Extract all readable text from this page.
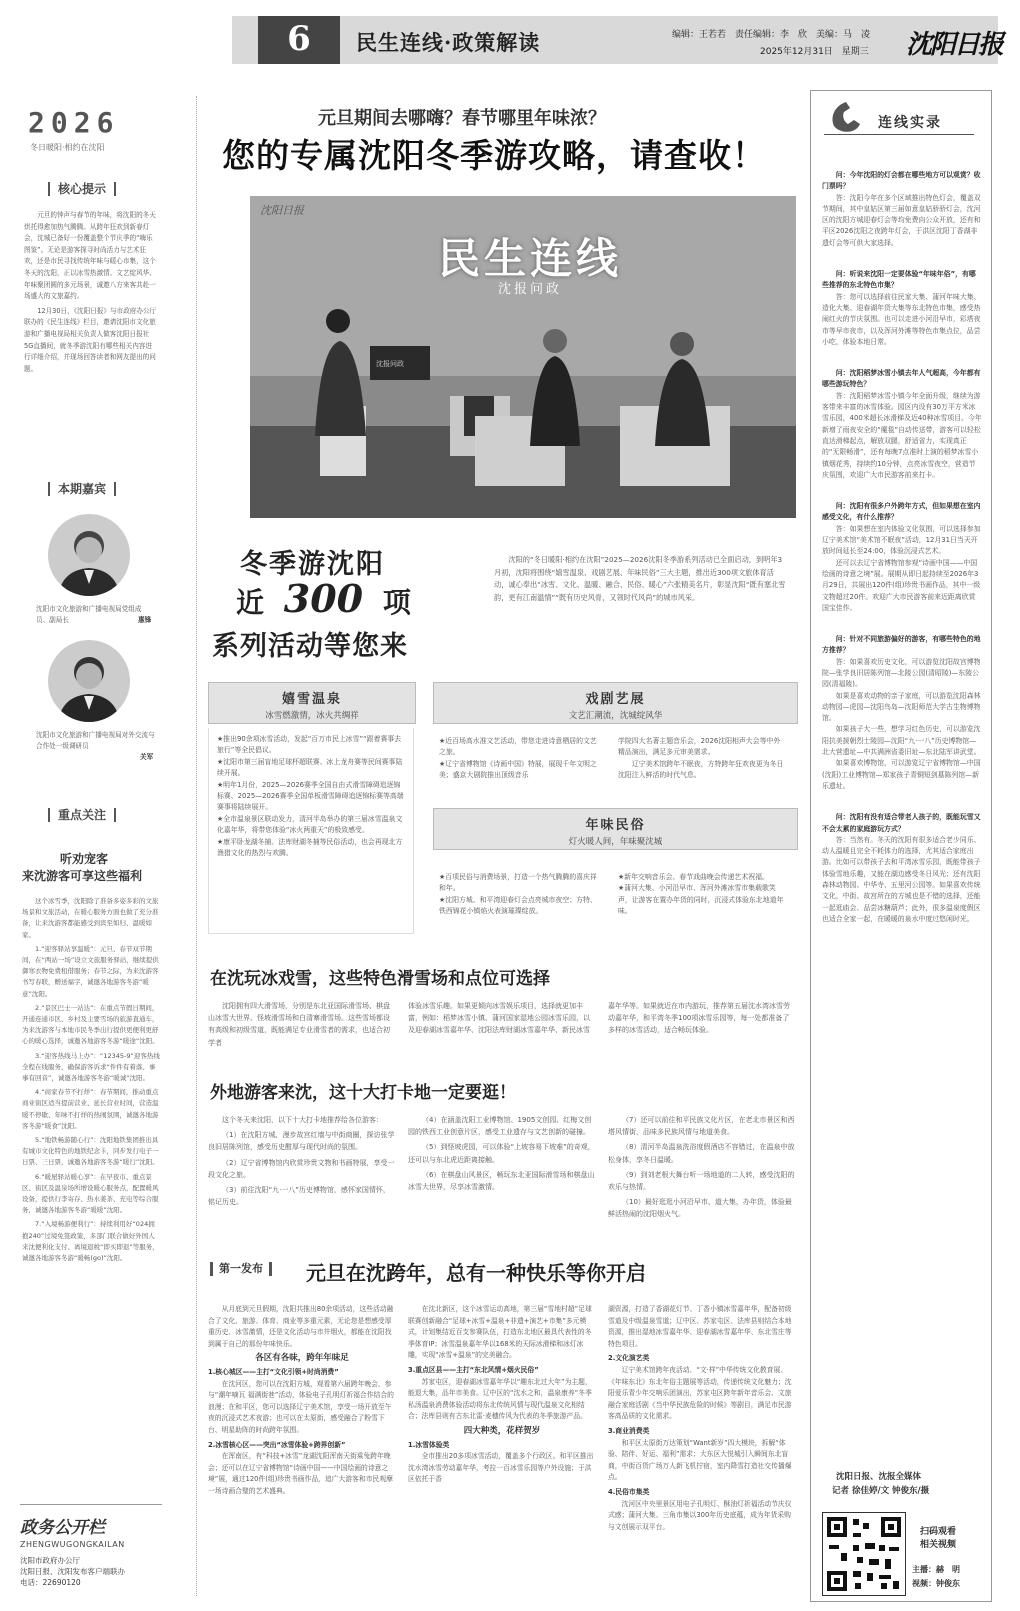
6	民生连线·政策解读	编辑：王若若　责任编辑：李　欣　美编：马　凌
2025年12月31日　星期三 沈阳日报
2026
冬日暖阳·相约在沈阳
核心提示

元旦的钟声与春节的年味，将沈阳的冬天烘托得愈加热气腾腾。从跨年狂欢到新春灯会，沈城已备好一份覆盖整个节庆季的“嗨乐图鉴”。无论是游客探寻时尚活力与艺术狂欢，还是市民寻找传统年味与暖心市集，这个冬天的沈阳，正以冰雪热激情、文艺绽风华、年味聚团圆的多元场景，诚邀八方来客共赴一场盛大的文旅嘉约。

12月30日，《沈阳日报》与市政府办公厅联办的《民生连线》栏目，邀请沈阳市文化旅游和广播电视局相关负责人做客沈阳日报社5G直播间，就冬季游沈阳有哪些相关内容进行详细介绍，并现场回答读者和网友提出的问题。

本期嘉宾
沈阳市文化旅游和广播电视局党组成员、副局长	惠锋
沈阳市文化旅游和广播电视局对外交流与合作处一级调研员
关军
重点关注
听劝宠客
来沈游客可享这些福利

这个冰雪季，沈阳除了准备多姿多彩的文旅场景和文旅活动，在暖心服务方面也做了充分准备，让来沈游客都能感受到宾至如归、温暖如家。

1.“迎客驿站享温暖”：元旦、春节双节期间，在“两站一场”设立文旅服务驿站，继续提供御寒衣物免费租借服务；春节之际，为来沈游客书写春联，赠送福字，诚邀各地游客冬游“暖意”沈阳。

2.“景区巴士一站达”：在重点节假日期间，开通连通市区、乡村及主要雪场的旅游直通车，为来沈游客与本地市民冬季出行提供更便利更舒心的暖心选择，诚邀各地游客冬游“暖途”沈阳。

3.“迎客热线马上办”：“12345-9”迎客热线全程在线服务，确保游客诉求“件件有着落、事事有回音”，诚邀各地游客冬游“暖诚”沈阳。

4.“商家春节不打烊”：春节期间，推动重点商业街区适当提前营业、延长营业时间，营造温暖不停歇、年味不打烊的热闹氛围，诚邀各地游客冬游“暖食”沈阳。

5.“地铁畅游随心行”：沈阳地铁集团推出具有城市文化特色的地铁纪念卡，同步发行电子一日票、三日票，诚邀各地游客冬游“暖行”沈阳。

6.“暖屋驿站暖心享”：在早夜市、重点景区、街区及温泉场所增设暖心服务点，配置暖风设备，提供行李寄存、热水姜茶、充电等综合服务，诚邀各地游客冬游“暖暖”沈阳。

7.“入境畅游便利行”：持续利用好“024拥抱240”过境免签政策，多部门联合做好外国人来沈便利化支付、离境退税“即买即退”等服务，诚邀各地游客冬游“暖畅(go)”沈阳。

政务公开栏
ZHENGWUGONGKAILAN
沈阳市政府办公厅
沈阳日报、沈阳发布客户端联办
电话：22690120
元旦期间去哪嗨？春节哪里年味浓？
您的专属沈阳冬季游攻略，请查收！
民生连线
沈报问政
沈阳日报
沈报问政
冬季游沈阳
近 300 项
系列活动等您来

沈阳的“冬日暖阳·相约在沈阳”2025—2026沈阳冬季游系列活动已全面启动，到明年3月初，沈阳将围绕“嬉雪温泉、戏剧艺展、年味民俗”三大主题，推出近300项文旅体育活动，诚心奉出“冰雪、文化、温暖、融合、民俗、暖心”六张精美名片，彰显沈阳“既有塞北雪韵，更有江南温情”“既有历史风骨，又领时代风尚”的城市风采。

嬉雪温泉
冰雪燃激情，冰火共绸祥
★推出90余项冰雪活动，发起“百万市民上冰雪”“跟着赛事去旅行”等全民倡议。
★沈阳市第三届盲地足球杯超联赛、冰上龙舟赛等民间赛事陆续开展。
★明年1月份，2025—2026赛季全国自由式滑雪障碍追逐锦标赛、2025—2026赛季全国单板滑雪障碍追逐锦标赛等高端赛事将陆续展开。
★全市温泉景区联动发力，清河半岛举办的第三届冰雪温泉文化嘉年华，将带您体验“冰火两重天”的极致感受。
★康平卧龙湖冬捕、法库财湖冬捕等民俗活动，也会再现北方渔猎文化的热烈与欢腾。
戏剧艺展
文艺汇潮流，沈城绽风华
★近百场高水准文艺活动，带您走进诗意栖居的文艺之旅。
★辽宁省博物馆《诗画中国》特展，展现千年文明之美；盛京大剧院推出顶级音乐
学院四大名著主题音乐会，2026沈阳相声大会等中外精品演出，满足多元审美需求。
辽宁美术馆跨年不眠夜，方特跨年狂欢夜更为冬日沈阳注入鲜活的时代气息。
年味民俗
灯火暖人间，年味聚沈城
★百项民俗与消费场景，打造一个热气腾腾的喜庆祥和年。
★沈阳方城、和平湾迎春灯会点亮城市夜空；方特、铁西锦花小镇焰火表演璀璨绽放。
★新年交响音乐会、春节戏曲晚会传递艺术祝福。
★蒲河大集、小河沿早市、浑河外滩冰雪市集载歌笑声，让游客在置办年货的同时，沉浸式体验东北地道年味。
在沈玩冰戏雪，这些特色滑雪场和点位可选择

沈阳拥有四大滑雪场，分别是东北亚国际滑雪场、棋盘山冰雪大世界、怪坡滑雪场和白清寨滑雪场。这些雪场都设有高级和初级雪道，既能满足专业滑雪者的需求，也适合初学者

体验冰雪乐趣。如果更倾向冰雪娱乐项目，选择就更加丰富，例如：稻梦冰雪小镇、蒲河国家湿地公园冰雪乐园，以及迎春湖冰雪嘉年华、沈阳法库财湖冰雪嘉年华、新民冰雪

嘉年华等。如果就近在市内游玩，推荐第五届沈水湾冰雪劳动嘉年华，和平湾冬季100项冰雪乐园等，每一处都准备了多样的冰雪活动，适合畅玩体验。

外地游客来沈，这十大打卡地一定要逛！

这个冬天来沈阳，以下十大打卡地推荐给各位游客：

（1）在沈阳方城，漫步故宫红墙与中街商圈，探访张学良旧居陈列馆，感受历史酣厚与现代时尚的氛围。

（2）辽宁省博物馆内欣赏珍贵文物和书画特展，享受一段文化之旅。

（3）前往沈阳“九·一八”历史博物馆，感怀家国情怀，铭记历史。

（4）在涵盖沈阳工业博物馆、1905文创园、红梅文创园的铁西工业创意片区，感受工业遗存与文艺创新的碰撞。

（5）到怪坡虎园，可以体验“上坡容易下坡难”的奇观，还可以与东北虎近距离接触。

（6）在棋盘山风景区，畅玩东北亚国际滑雪场和棋盘山冰雪大世界，尽享冰雪激情。

（7）还可以前往和平民族文化片区，在老北市景区和西塔风情街，品味多民族风情与地道美食。

（8）清河半岛温泉洗浴度假酒店不容错过，在温泉中放松身体，享冬日温暖。

（9）到刘老根大舞台听一场地道的二人转，感受沈阳的欢乐与热情。

（10）最好逛逛小河沿早市、道大集，办年货，体验最鲜活热闹的沈阳烟火气。

第一发布	元旦在沈跨年，总有一种快乐等你开启

从月底到元旦假期，沈阳共推出80余项活动，这些活动融合了文化、旅游、体育、商业等多重元素，无论您是想感受厚重历史、冰雪激情，还是文化活动与市井烟火，都能在沈阳找到属于自己的那份年味快乐。

各区有各味，跨年年味足
1.核心城区——主打“文化引领+时尚消费”

在沈河区，您可以在沈阳方城，观看第六届跨年晚会，参与“潮年嘀瓦 福满街巷”活动，体验电子孔明灯祈福合作结合的浪漫；在和平区，您可以选择辽宁美术馆，享受一场开放至午夜的沉浸式艺术夜游；也可以在太原街，感受融合了粉雪下台、明星助阵的时尚跨年氛围。

2.冰雪核心区——突出“冰雪体验+跨界创新”

在浑南区，有“科技+冰雪”龙湖沈阳浑南天街乘兔跨年晚会；还可以在辽宁省博物馆“诗画中国——中国绘画的诗意之境”展，通过120件(组)珍贵书画作品，追广大游客和市民观摩一场诗画合璧的艺术盛典。

在沈北新区，这个冰雪运动高地，第三届“雪地村超”足球联赛创新融合“足球+冰雪+温泉+非遗+演艺+市集”多元模式，计划集结近百支参赛队伍，打造东北地区最具代表性的冬季体育IP；冰雪温泉嘉年华以168米的天际冰滑梯和冰灯冰雕，实现“冰雪+温泉”的完美融合。

3.重点区县——主打“东北风情+烟火民俗”

苏家屯区，迎春湖冰雪嘉年华以“趣东北过大年”为主题，能退大集，品年市美食。辽中区的“沈水之和，温泉康养”冬季私汤温泉消费体验活动将东北传统风情与现代温泉文化相结合；法库县则有古东北雷·麦穗传风为代表的冬季旅游产品。

四大种类，花样贺岁
1.冰雪体验类

全市推出20多项冰雪活动，覆盖多个行政区。和平区推出沈水湾冰雪劳动嘉年华，考拉一百冰雪乐园等户外设施；于洪区依托于香

湖资源，打造了香湖花灯节、丁香小镇冰雪嘉年华，配备初级雪道及中级温泉雪道；辽中区、苏家屯区、法库县则结合本地资源，推出湿地冰雪嘉年华、迎春湖冰雪嘉年华、东北雪庄等特色项目。

2.文化演艺类

辽宁美术馆跨年夜活动、“文·样”中华传统文化教育展、《年味东北》东北年俗主题展等活动，传递传统文化魅力；沈阳爱乐青少年交响乐团演出，苏家屯区跨年新年音乐会、文旅融合家庭活剧《当中华民族危险的时候》等剧目，满足市民游客高品质的文化需求。

3.商业消费类

和平区太原街万达策划“Want新岁”四大模块，拆解“体验、陪伴、好运、福利”需求；大东区大悦城引入瞬间东北盲商，中街百货广场万人新飞机拧宿，室内降雪打造社交传播爆点。

4.民俗市集类

沈河区中央里景区用电子孔明灯、酥油灯祈福活动节庆仪式感；蒲河大集、三角市集以300年历史底蕴，成为年货采购与文创展示双平台。

连线实录
问：今年沈阳的灯会都在哪些地方可以观赏？收门票吗？
答：沈阳今年在多个区域推出特色灯会，覆盖双节期间，其中皇姑区第三届如意皇姑骄骄灯会，沈河区的沈阳方城迎春灯会等均免费向公众开放，还有和平区2026沈阳之夜跨年灯会，于洪区沈阳丁香湖非遗灯会等可供大家选择。
问：听说来沈阳一定要体验“年味年俗”，有哪些推荐的东北特色市集？
答：您可以选择前往民家大集、蒲河年味大集、造化大集、迎春湖年货大集等东北特色市集，感受热闹红火的节庆氛围。也可以走进小河沿早市，彩塔夜市等早市夜市，以及浑河外滩等特色市集点位，品尝小吃，体验本地日常。
问：沈阳稻梦冰雪小镇去年人气超高，今年都有哪些游玩特色？
答：沈阳稻梦冰雪小镇今年全面升级，继续为游客带来丰富的冰雪体验。园区内设有30万平方米冰雪乐园，400米超长冰滑梯及近40种冰雪项目。今年新增了雨夜安全的“魔毯”自动传送带，游客可以轻松直达滑梯起点，解放双腿，舒适省力，实现真正的“无限畅滑”，还有每晚7点准时上演的稻梦冰雪小镇烟花秀，持续约10分钟，点亮冰雪夜空，营造节庆氛围，欢迎广大市民游客前来打卡。
问：沈阳有很多户外跨年方式，但如果想在室内感受文化，有什么推荐？
答：如果想在室内体验文化氛围，可以选择参加辽宁美术馆“美术馆不眠夜”活动，12月31日当天开放时间延长至24:00，体验沉浸式艺术。
还可以去辽宁省博物馆参观“诗画中国——中国绘画的诗意之境”展。展期从即日起持续至2026年3月29日，共展出120件(组)珍贵书画作品，其中一级文物超过20件。欢迎广大市民游客前来近距离欣赏国宝佳作。
问：针对不同旅游偏好的游客，有哪些特色的地方推荐？
答：如果喜欢历史文化，可以游览沈阳故宫博物院—张学良旧居陈列馆—北陵公园(清昭陵)—东陵公园(清福陵)。
如果是喜欢动物的亲子家庭，可以游览沈阳森林动物园—虎园—沈阳鸟岛—沈阳师范大学古生物博物馆。
如果孩子大一些，想学习红色历史，可以游览沈阳抗美援朝烈士陵园—沈阳“九·一八”历史博物馆—北大营遗址—中共满洲省委旧址—东北陆军讲武堂。
如果喜欢博物馆，可以游览辽宁省博物馆—中国(沈阳)工业博物馆—郑家孩子青铜短剑墓陈列馆—新乐遗址。
问：沈阳有没有适合带老人孩子的，既能玩雪又不会太累的家庭游玩方式？
答：当然有。冬天的沈阳有很多适合老少同乐、动人温暖且完全不耗体力的选择，尤其适合家庭出游。比如可以带孩子去和平湾冰雪乐园，既能带孩子体验雪地乐趣，又能在湖边感受冬日风光；还有沈阳森林动物园、中华寺、五里河公园等。如果喜欢传统文化，中街、故宫所在的方城也是不错的选择，还能一起逛庙会、品尝冰糖葫芦；此外，很多温泉度假区也适合全家一起，在暖暖的泉水中度过悠闲时光。
沈阳日报、沈报全媒体
记者 徐佳婷/文 钟俊东/摄
扫码观看
相关视频
主播：赫　明
视频：钟俊东
